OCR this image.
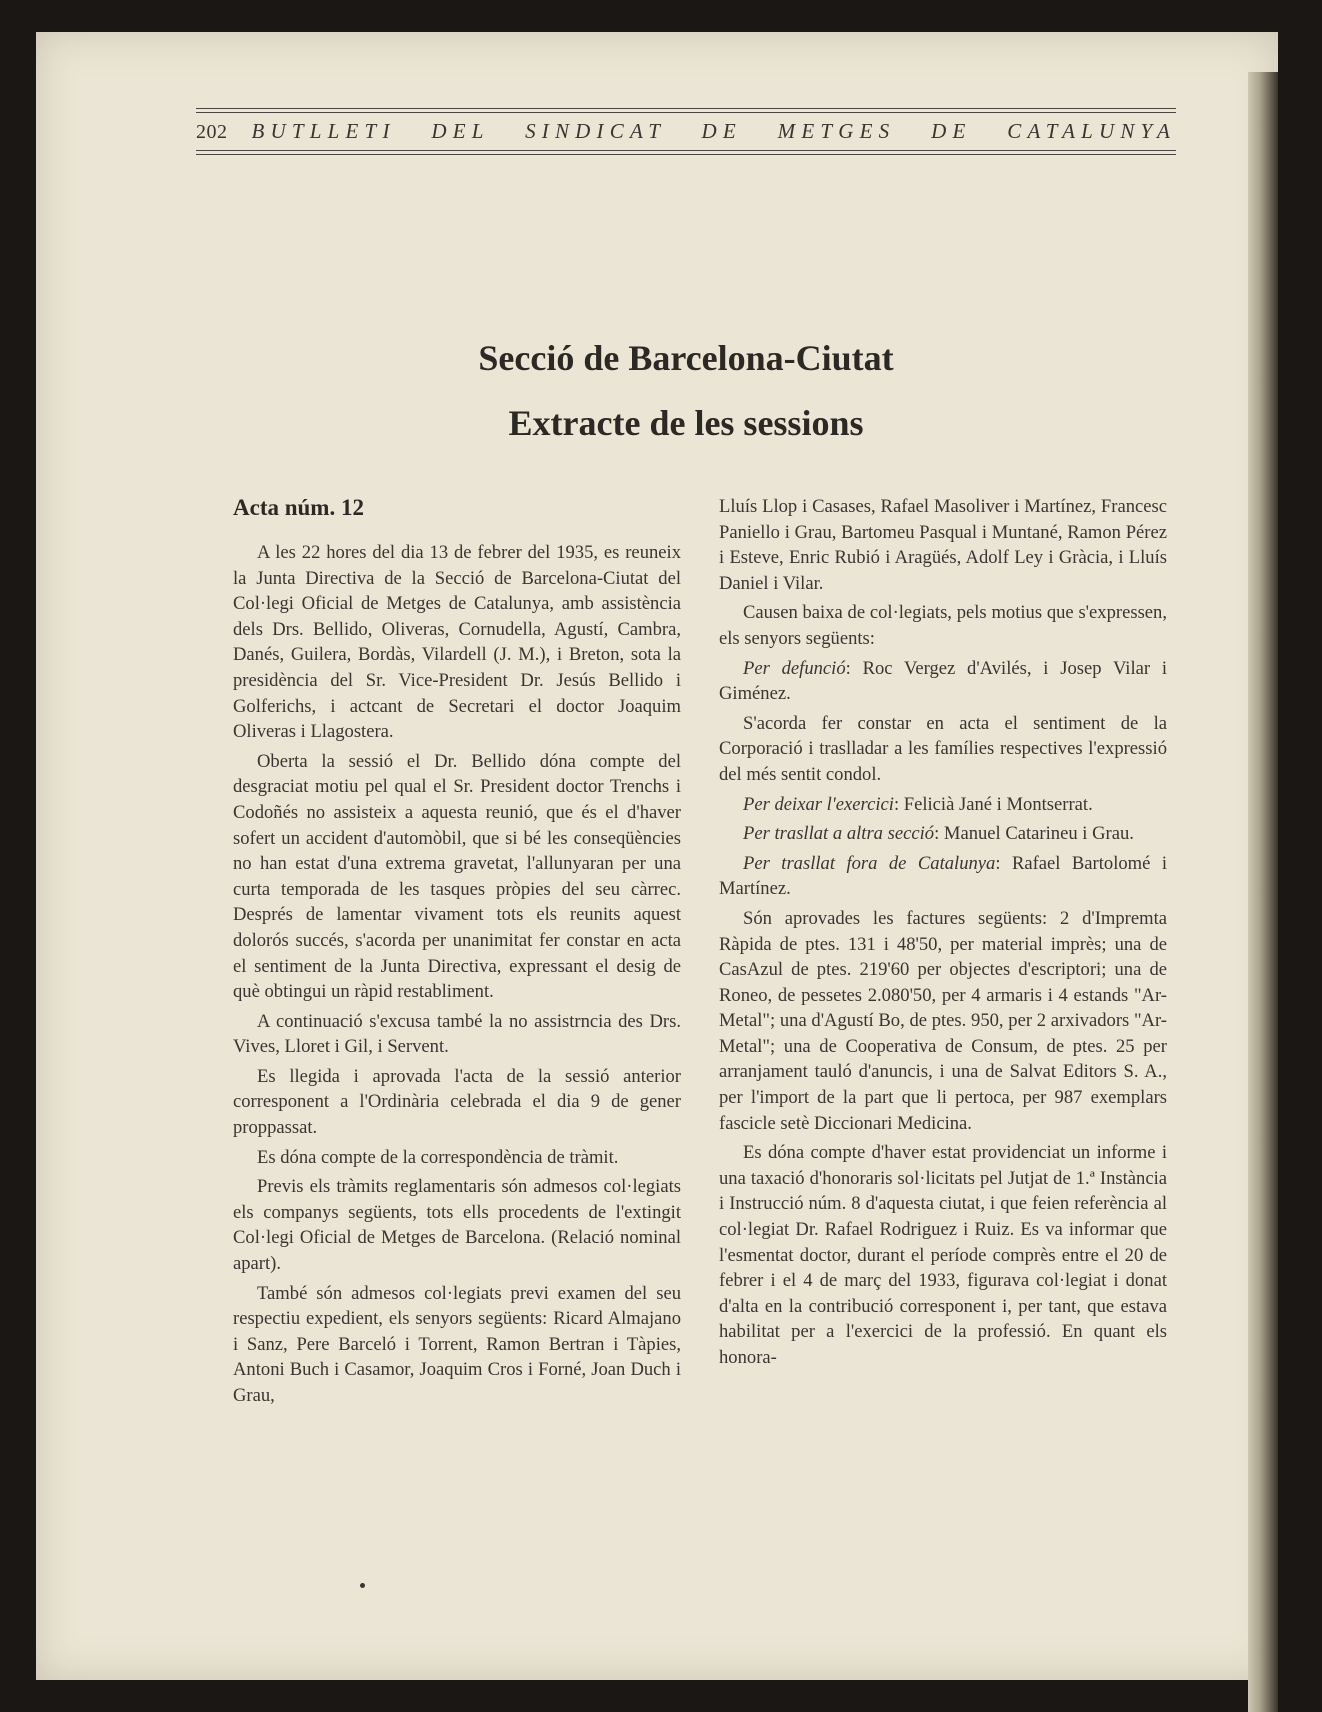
202 BUTLLETI DEL SINDICAT DE METGES DE CATALUNYA
Secció de Barcelona-Ciutat
Extracte de les sessions
Acta núm. 12

A les 22 hores del dia 13 de febrer del 1935, es reuneix la Junta Directiva de la Secció de Barcelona-Ciutat del Col·legi Oficial de Metges de Catalunya, amb assistència dels Drs. Bellido, Oliveras, Cornudella, Agustí, Cambra, Danés, Guilera, Bordàs, Vilardell (J. M.), i Breton, sota la presidència del Sr. Vice-President Dr. Jesús Bellido i Golferichs, i actcant de Secretari el doctor Joaquim Oliveras i Llagostera.

Oberta la sessió el Dr. Bellido dóna compte del desgraciat motiu pel qual el Sr. President doctor Trenchs i Codoñés no assisteix a aquesta reunió, que és el d'haver sofert un accident d'automòbil, que si bé les conseqüències no han estat d'una extrema gravetat, l'allunyaran per una curta temporada de les tasques pròpies del seu càrrec. Després de lamentar vivament tots els reunits aquest dolorós succés, s'acorda per unanimitat fer constar en acta el sentiment de la Junta Directiva, expressant el desig de què obtingui un ràpid restabliment.

A continuació s'excusa també la no assistrncia des Drs. Vives, Lloret i Gil, i Servent.

Es llegida i aprovada l'acta de la sessió anterior corresponent a l'Ordinària celebrada el dia 9 de gener proppassat.

Es dóna compte de la correspondència de tràmit.

Previs els tràmits reglamentaris són admesos col·legiats els companys següents, tots ells procedents de l'extingit Col·legi Oficial de Metges de Barcelona. (Relació nominal apart).

També són admesos col·legiats previ examen del seu respectiu expedient, els senyors següents: Ricard Almajano i Sanz, Pere Barceló i Torrent, Ramon Bertran i Tàpies, Antoni Buch i Casamor, Joaquim Cros i Forné, Joan Duch i Grau,

Lluís Llop i Casases, Rafael Masoliver i Martínez, Francesc Paniello i Grau, Bartomeu Pasqual i Muntané, Ramon Pérez i Esteve, Enric Rubió i Aragüés, Adolf Ley i Gràcia, i Lluís Daniel i Vilar.

Causen baixa de col·legiats, pels motius que s'expressen, els senyors següents:

Per defunció: Roc Vergez d'Avilés, i Josep Vilar i Giménez.

S'acorda fer constar en acta el sentiment de la Corporació i traslladar a les famílies respectives l'expressió del més sentit condol.

Per deixar l'exercici: Felicià Jané i Montserrat.

Per trasllat a altra secció: Manuel Catarineu i Grau.

Per trasllat fora de Catalunya: Rafael Bartolomé i Martínez.

Són aprovades les factures següents: 2 d'Impremta Ràpida de ptes. 131 i 48'50, per material imprès; una de CasAzul de ptes. 219'60 per objectes d'escriptori; una de Roneo, de pessetes 2.080'50, per 4 armaris i 4 estands "Ar-Metal"; una d'Agustí Bo, de ptes. 950, per 2 arxivadors "Ar-Metal"; una de Cooperativa de Consum, de ptes. 25 per arranjament tauló d'anuncis, i una de Salvat Editors S. A., per l'import de la part que li pertoca, per 987 exemplars fascicle setè Diccionari Medicina.

Es dóna compte d'haver estat providenciat un informe i una taxació d'honoraris sol·licitats pel Jutjat de 1.ª Instància i Instrucció núm. 8 d'aquesta ciutat, i que feien referència al col·legiat Dr. Rafael Rodriguez i Ruiz. Es va informar que l'esmentat doctor, durant el període comprès entre el 20 de febrer i el 4 de març del 1933, figurava col·legiat i donat d'alta en la contribució corresponent i, per tant, que estava habilitat per a l'exercici de la professió. En quant els honora-
